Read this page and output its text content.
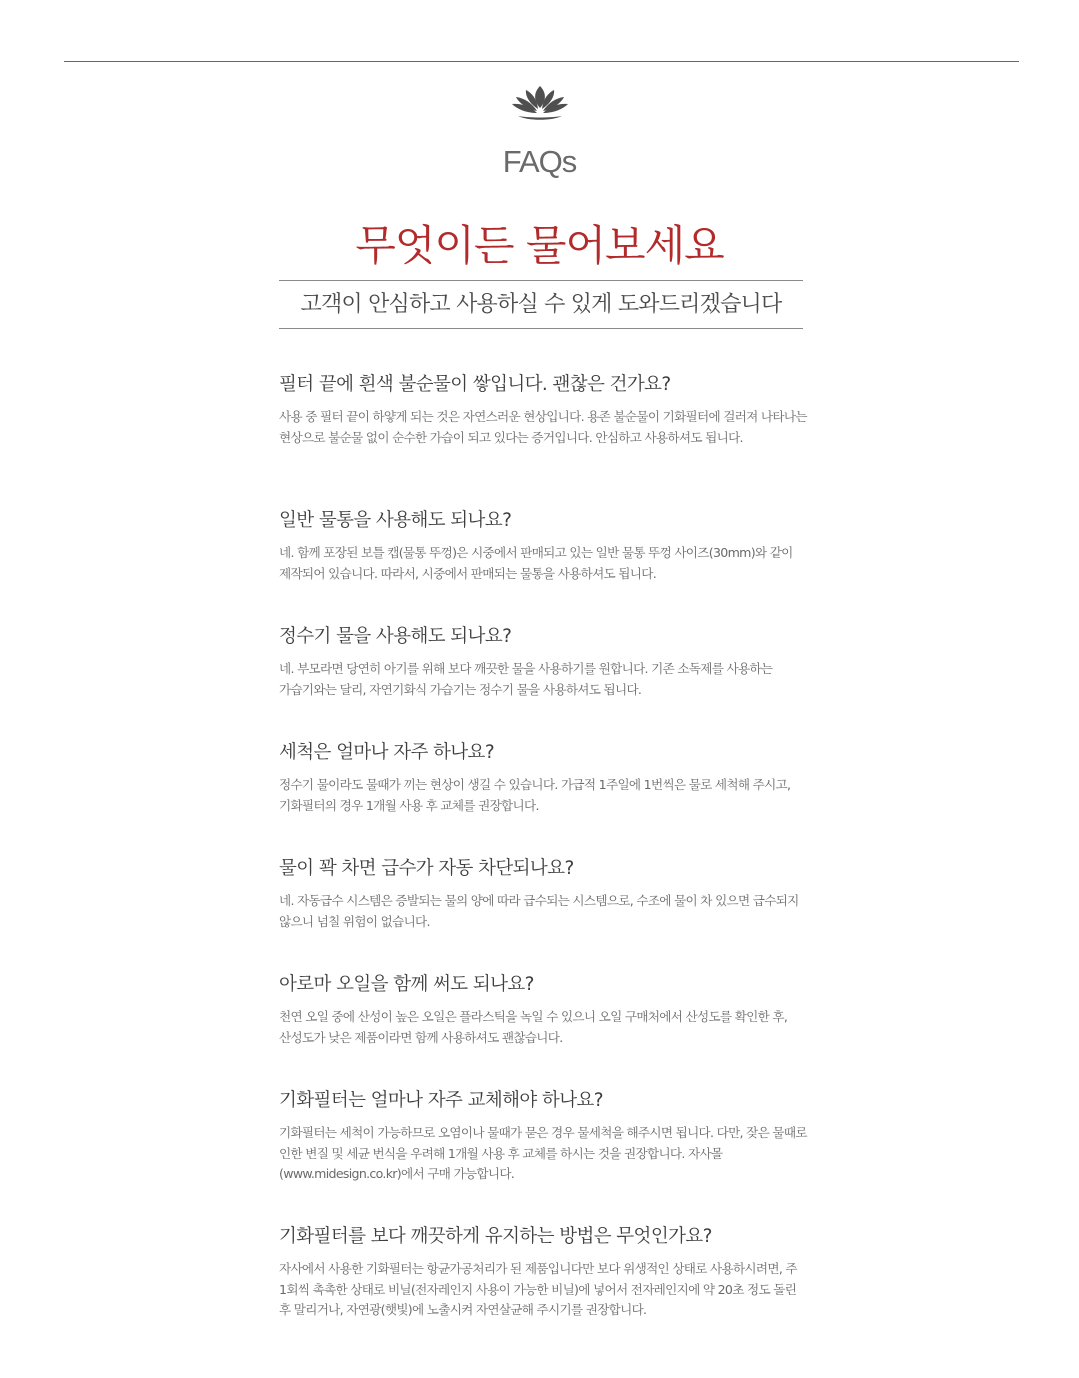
FAQs
무엇이든 물어보세요
고객이 안심하고 사용하실 수 있게 도와드리겠습니다

필터 끝에 흰색 불순물이 쌓입니다. 괜찮은 건가요?

사용 중 필터 끝이 하얗게 되는 것은 자연스러운 현상입니다. 용존 불순물이 기화필터에 걸러져 나타나는 현상으로 불순물 없이 순수한 가습이 되고 있다는 증거입니다. 안심하고 사용하셔도 됩니다.

일반 물통을 사용해도 되나요?

네. 함께 포장된 보틀 캡(물통 뚜껑)은 시중에서 판매되고 있는 일반 물통 뚜껑 사이즈(30mm)와 같이 제작되어 있습니다. 따라서, 시중에서 판매되는 물통을 사용하셔도 됩니다.

정수기 물을 사용해도 되나요?

네. 부모라면 당연히 아기를 위해 보다 깨끗한 물을 사용하기를 원합니다. 기존 소독제를 사용하는 가습기와는 달리, 자연기화식 가습기는 정수기 물을 사용하셔도 됩니다.

세척은 얼마나 자주 하나요?

정수기 물이라도 물때가 끼는 현상이 생길 수 있습니다. 가급적 1주일에 1번씩은 물로 세척해 주시고, 기화필터의 경우 1개월 사용 후 교체를 권장합니다.

물이 꽉 차면 급수가 자동 차단되나요?

네. 자동급수 시스템은 증발되는 물의 양에 따라 급수되는 시스템으로, 수조에 물이 차 있으면 급수되지 않으니 넘칠 위험이 없습니다.

아로마 오일을 함께 써도 되나요?

천연 오일 중에 산성이 높은 오일은 플라스틱을 녹일 수 있으니 오일 구매처에서 산성도를 확인한 후, 산성도가 낮은 제품이라면 함께 사용하셔도 괜찮습니다.

기화필터는 얼마나 자주 교체해야 하나요?

기화필터는 세척이 가능하므로 오염이나 물때가 묻은 경우 물세척을 해주시면 됩니다. 다만, 잦은 물때로 인한 변질 및 세균 번식을 우려해 1개월 사용 후 교체를 하시는 것을 권장합니다. 자사몰(www.midesign.co.kr)에서 구매 가능합니다.

기화필터를 보다 깨끗하게 유지하는 방법은 무엇인가요?

자사에서 사용한 기화필터는 항균가공처리가 된 제품입니다만 보다 위생적인 상태로 사용하시려면, 주 1회씩 촉촉한 상태로 비닐(전자레인지 사용이 가능한 비닐)에 넣어서 전자레인지에 약 20초 정도 돌린 후 말리거나, 자연광(햇빛)에 노출시켜 자연살균해 주시기를 권장합니다.
